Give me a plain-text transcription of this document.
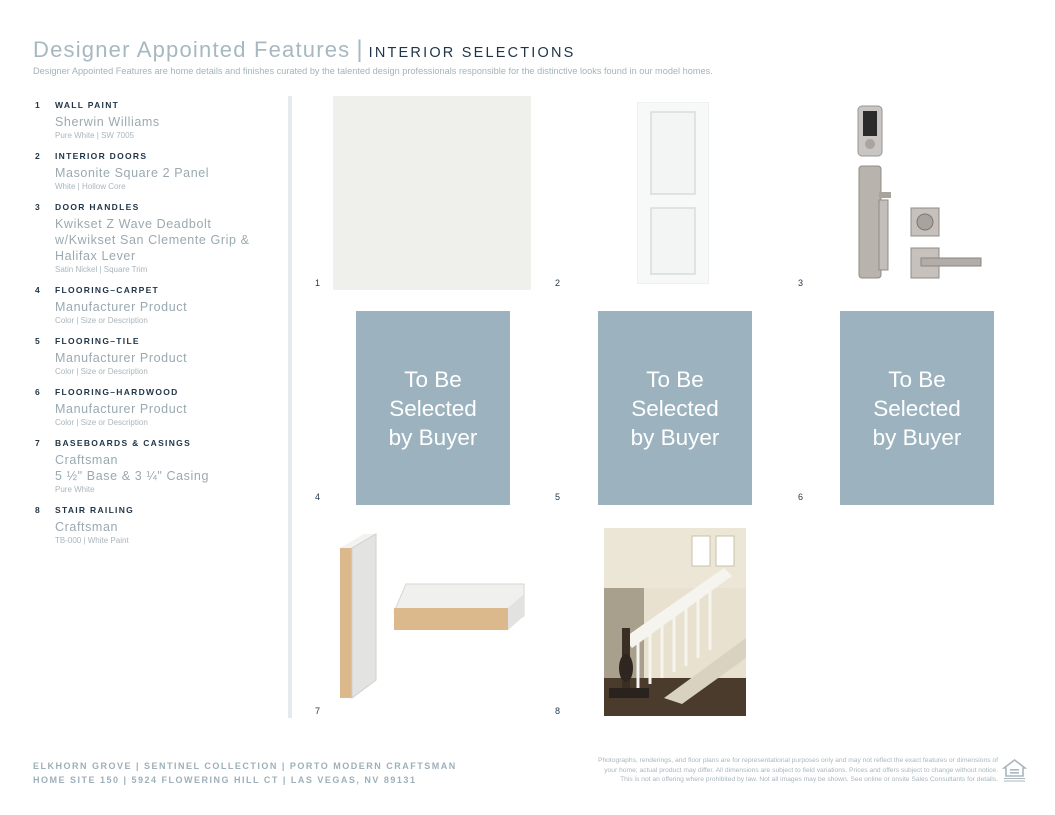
Designer Appointed Features | INTERIOR SELECTIONS
Designer Appointed Features are home details and finishes curated by the talented design professionals responsible for the distinctive looks found in our model homes.
1	WALL PAINT
Sherwin Williams
Pure White | SW 7005
2	INTERIOR DOORS
Masonite Square 2 Panel
White | Hollow Core
3	DOOR HANDLES
Kwikset Z Wave Deadbolt w/Kwikset San Clemente Grip & Halifax Lever
Satin Nickel | Square Trim
4	FLOORING–CARPET
Manufacturer Product
Color | Size or Description
5	FLOORING–TILE
Manufacturer Product
Color | Size or Description
6	FLOORING–HARDWOOD
Manufacturer Product
Color | Size or Description
7	BASEBOARDS & CASINGS
Craftsman
5 ½" Base & 3 ¼" Casing
Pure White
8	STAIR RAILING
Craftsman
TB-000 | White Paint
1	2	3
To Be
Selected
by Buyer
4
To Be
Selected
by Buyer
5
To Be
Selected
by Buyer
6
7	8
ELKHORN GROVE | SENTINEL COLLECTION | PORTO MODERN CRAFTSMAN
HOME SITE 150 | 5924 FLOWERING HILL CT | LAS VEGAS, NV 89131
Photographs, renderings, and floor plans are for representational purposes only and may not reflect the exact features or dimensions of
your home; actual product may differ. All dimensions are subject to field variations. Prices and offers subject to change without notice.
This is not an offering where prohibited by law. Not all images may be shown. See online or onsite Sales Consultants for details.
